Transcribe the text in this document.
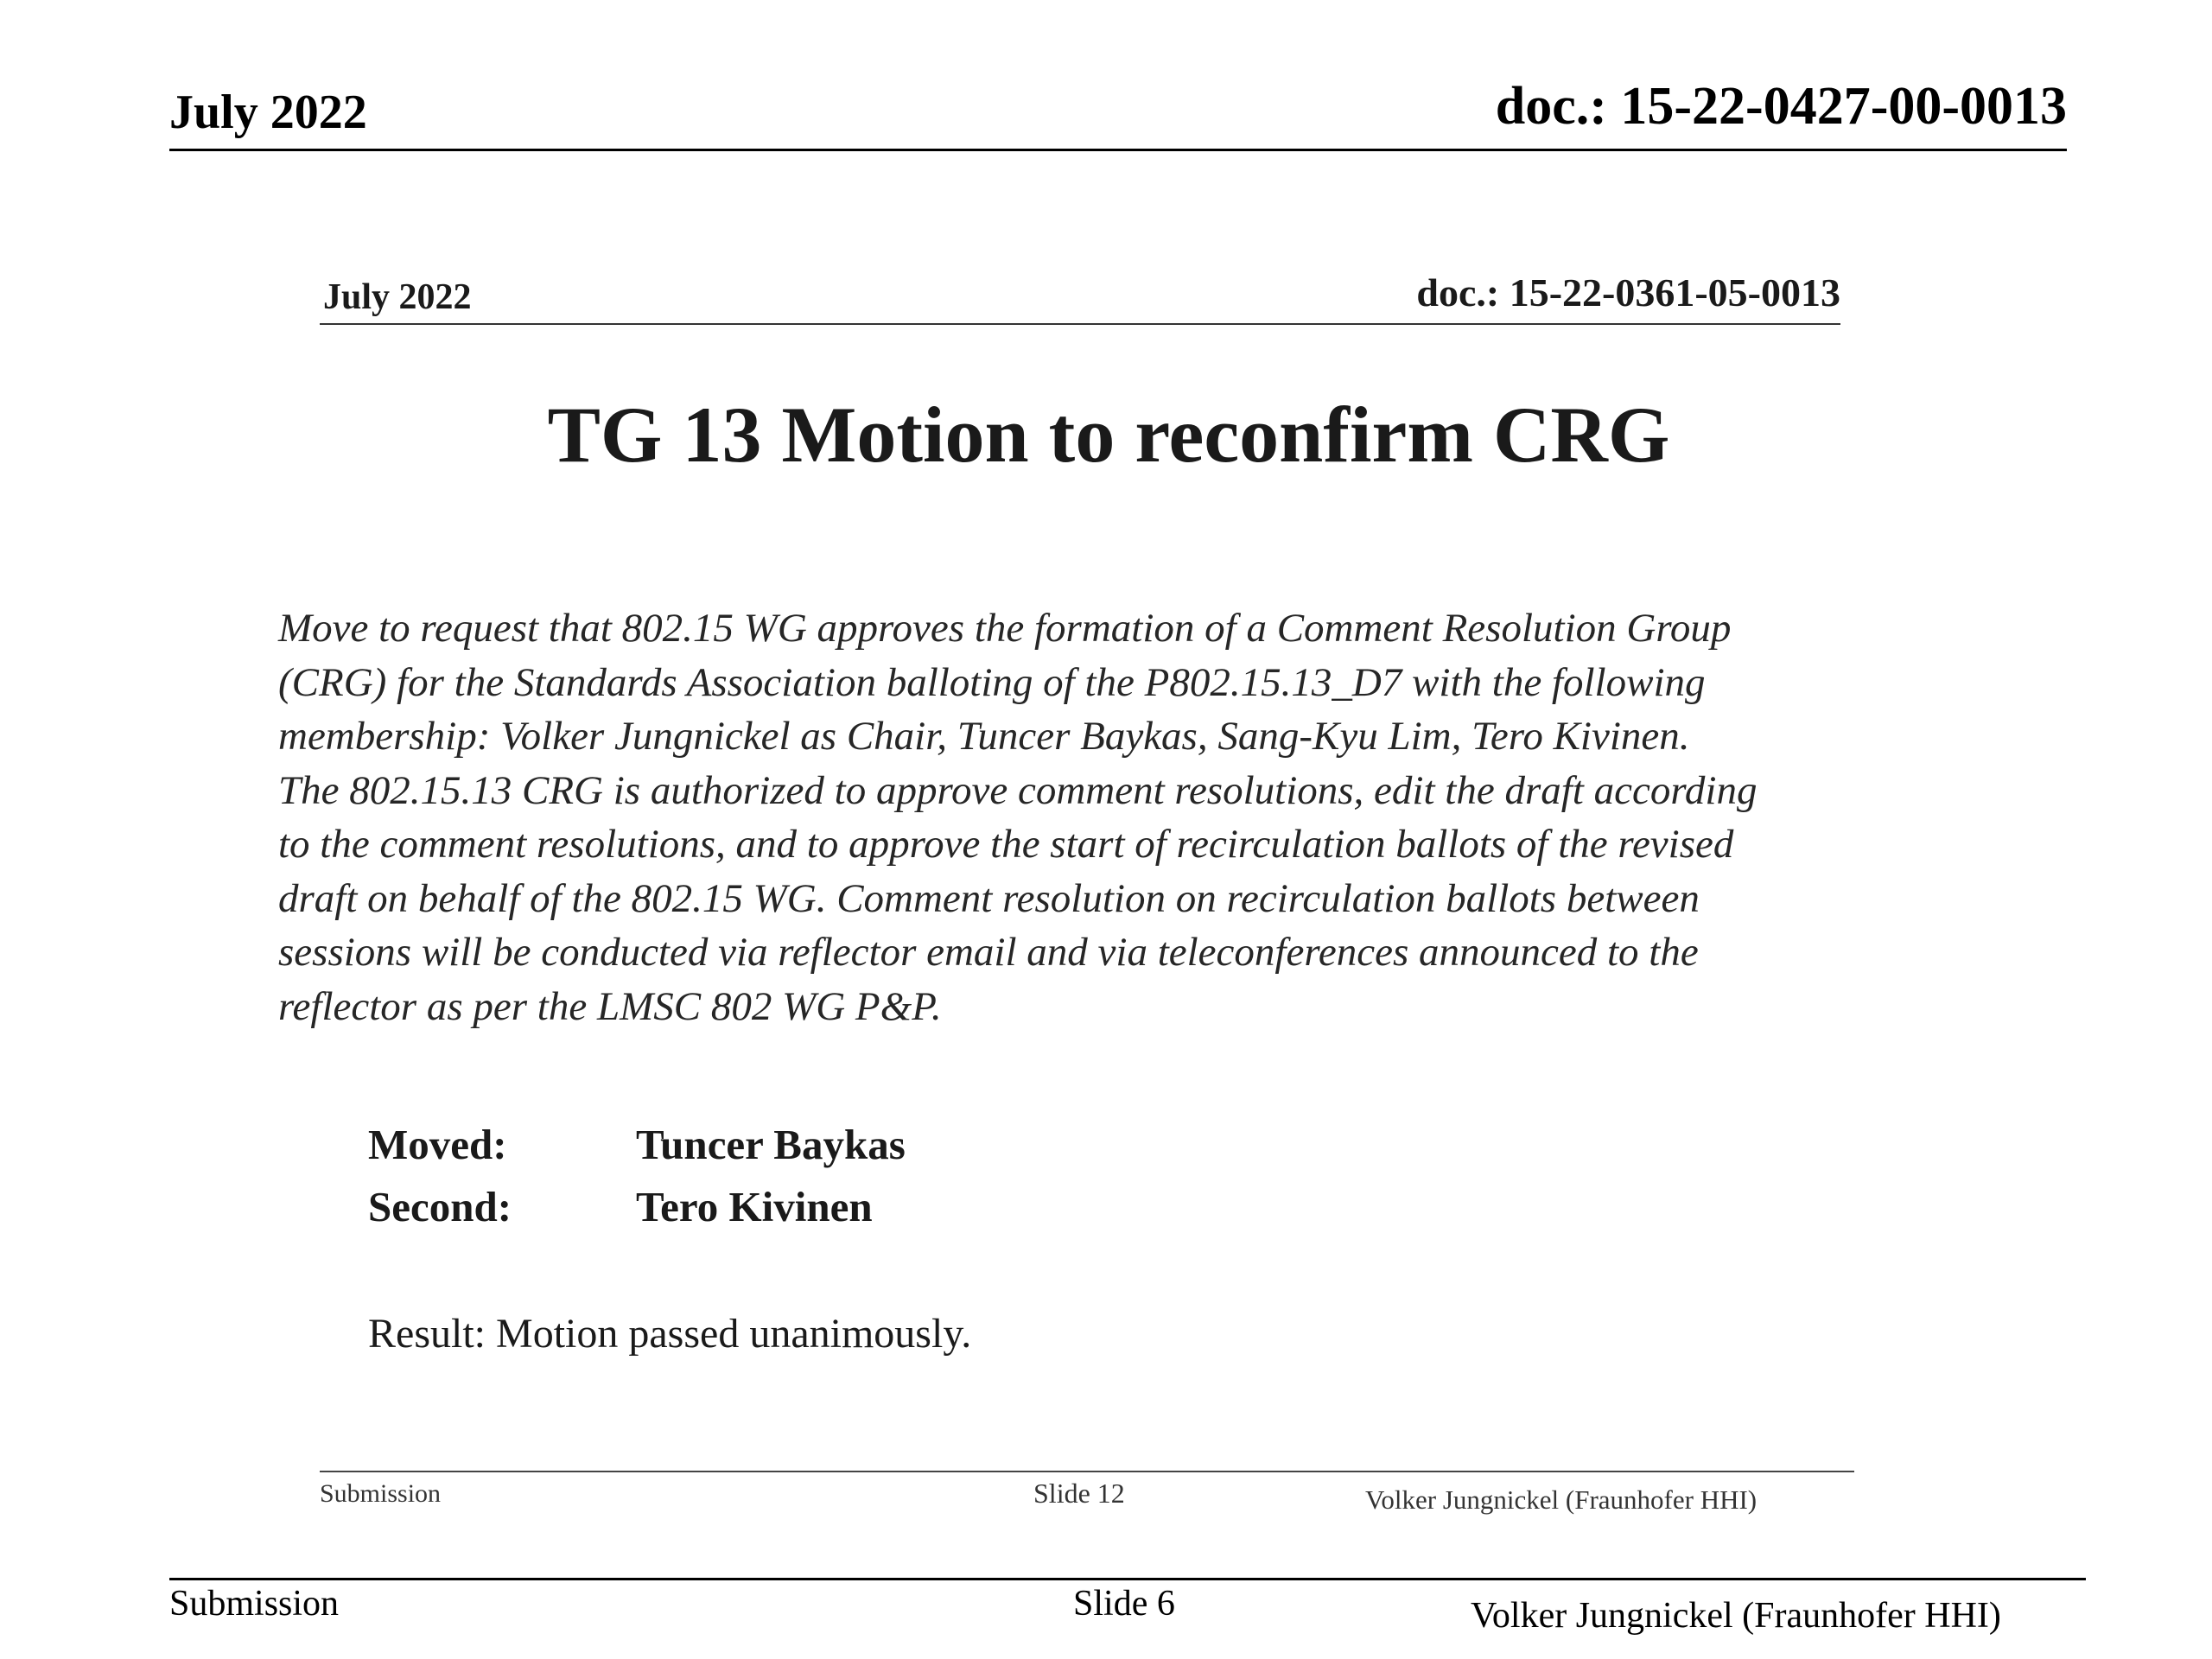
July 2022	doc.: 15-22-0427-00-0013
July 2022	doc.: 15-22-0361-05-0013
TG 13 Motion to reconfirm CRG
Move to request that 802.15 WG approves the formation of a Comment Resolution Group
(CRG) for the Standards Association balloting of the P802.15.13_D7 with the following
membership: Volker Jungnickel as Chair, Tuncer Baykas, Sang-Kyu Lim, Tero Kivinen.
The 802.15.13 CRG is authorized to approve comment resolutions, edit the draft according
to the comment resolutions, and to approve the start of recirculation ballots of the revised
draft on behalf of the 802.15 WG. Comment resolution on recirculation ballots between
sessions will be conducted via reflector email and via teleconferences announced to the
reflector as per the LMSC 802 WG P&P.
Moved:	Tuncer Baykas
Second:	Tero Kivinen
Result: Motion passed unanimously.
Submission	Slide 12	Volker Jungnickel (Fraunhofer HHI)
Submission	Slide 6	Volker Jungnickel (Fraunhofer HHI)
